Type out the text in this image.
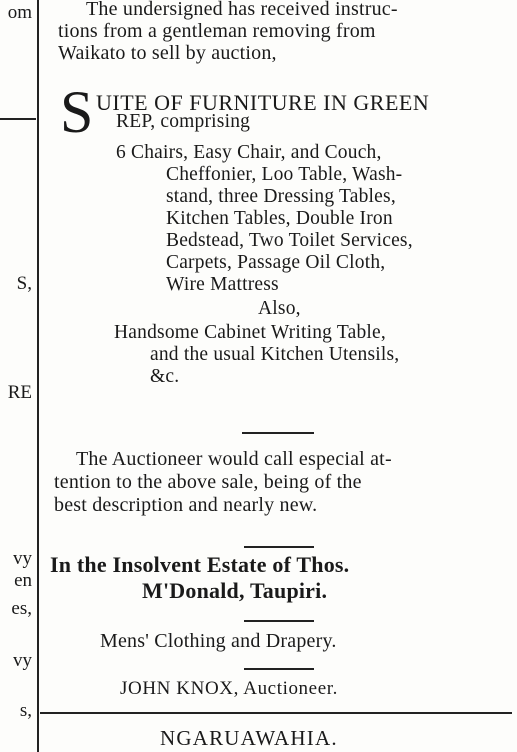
om
S,
RE
vy
en
es,
vy
s,
The undersigned has received instruc-
tions from a gentleman removing from
Waikato to sell by auction,
S UITE OF FURNITURE IN GREEN
REP, comprising
6 Chairs, Easy Chair, and Couch,
Cheffonier, Loo Table, Wash-
stand, three Dressing Tables,
Kitchen Tables, Double Iron
Bedstead, Two Toilet Services,
Carpets, Passage Oil Cloth,
Wire Mattress
Also,
Handsome Cabinet Writing Table,
and the usual Kitchen Utensils,
&c.
The Auctioneer would call especial at-
tention to the above sale, being of the
best description and nearly new.
In the Insolvent Estate of Thos.
M'Donald, Taupiri.
Mens' Clothing and Drapery.
JOHN KNOX, Auctioneer.
NGARUAWAHIA.
